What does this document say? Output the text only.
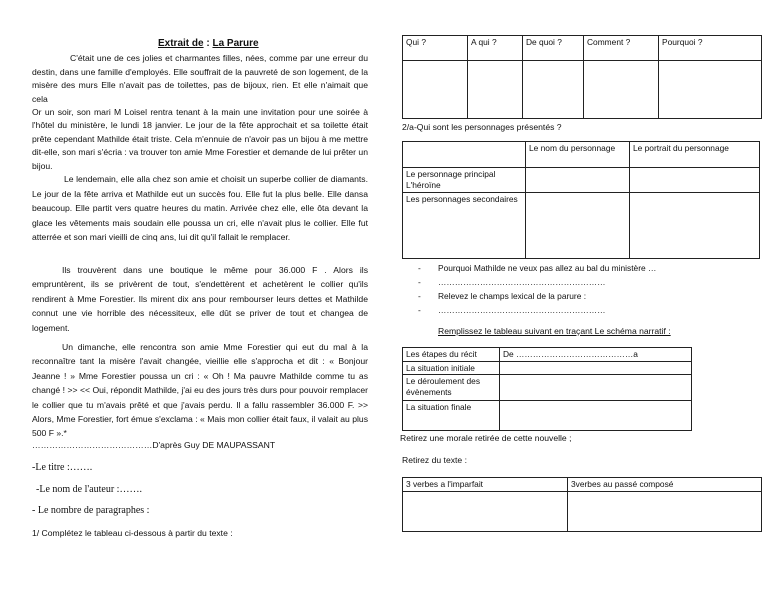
Extrait de : La Parure

C'était une de ces jolies et charmantes filles, nées, comme par une erreur du destin, dans une famille d'employés. Elle souffrait de la pauvreté de son logement, de la misère des murs Elle n'avait pas de toilettes, pas de bijoux, rien. Et elle n'aimait que cela

Or un soir, son mari M Loisel rentra tenant à la main une invitation pour une soirée à l'hôtel du ministère, le lundi 18 janvier. Le jour de la fête approchait et sa toilette était prête cependant Mathilde était triste. Cela m'ennuie de n'avoir pas un bijou à me mettre dit-elle, son mari s'écria : va trouver ton amie Mme Forestier et demande de lui prêter un bijou.

Le lendemain, elle alla chez son amie et choisit un superbe collier de diamants. Le jour de la fête arriva et Mathilde eut un succès fou. Elle fut la plus belle. Elle dansa beaucoup. Elle partit vers quatre heures du matin. Arrivée chez elle, elle ôta devant la glace les vêtements mais soudain elle poussa un cri, elle n'avait plus le collier. Elle fut atterrée et son mari vieilli de cinq ans, lui dit qu'il fallait le remplacer.

Ils trouvèrent dans une boutique le même pour 36.000 F . Alors ils empruntèrent, ils se privèrent de tout, s'endettèrent et achetèrent le collier qu'ils rendirent à Mme Forestier. Ils mirent dix ans pour rembourser leurs dettes et Mathilde connut une vie horrible des nécessiteux, elle dût se priver de tout et changea de logement.

Un dimanche, elle rencontra son amie Mme Forestier qui eut du mal à la reconnaître tant la misère l'avait changée, vieillie elle s'approcha et dit : « Bonjour Jeanne ! » Mme Forestier poussa un cri : « Oh ! Ma pauvre Mathilde comme tu as changé ! >> << Oui, répondit Mathilde, j'ai eu des jours très durs pour pouvoir remplacer le collier que tu m'avais prêté et que j'avais perdu. Il a fallu rassembler 36.000 F. >> Alors, Mme Forestier, fort émue s'exclama : « Mais mon collier était faux, il valait au plus 500 F ».*

……………………………………D'après Guy DE MAUPASSANT
-Le titre :…….
-Le nom de l'auteur :…….
- Le nombre de paragraphes :
1/ Complétez le tableau ci-dessous à partir du texte :
Qui ?	A qui ?	De quoi ?	Comment ?	Pourquoi ?

2/a-Qui sont les personnages présentés ?
	Le nom du personnage	Le portrait du personnage
Le personnage principal L'héroïne		
Les personnages secondaires		
- Pourquoi Mathilde ne veux pas allez au bal du ministère …
- ……………………………………………………
- Relevez le champs lexical de la parure :
- ……………………………………………………
Remplissez le tableau suivant en traçant Le schéma narratif :
Les étapes du récit	De ……………………………………a
La situation initiale	
Le déroulement des évènements	
La situation finale	
Retirez une morale retirée de cette nouvelle ;
Retirez du texte :
3 verbes a l'imparfait	3verbes au passé composé
